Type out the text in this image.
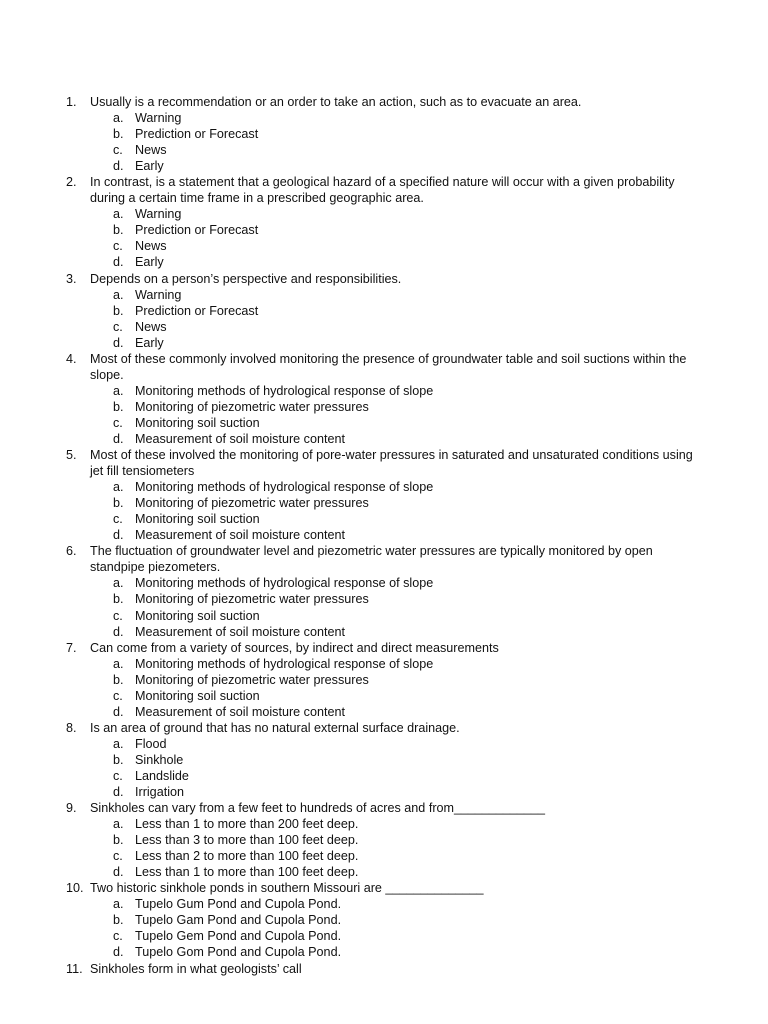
1.	Usually is a recommendation or an order to take an action, such as to evacuate an area.
a. Warning
b. Prediction or Forecast
c. News
d. Early
2.	In contrast, is a statement that a geological hazard of a specified nature will occur with a given probability during a certain time frame in a prescribed geographic area.
a. Warning
b. Prediction or Forecast
c. News
d. Early
3.	Depends on a person’s perspective and responsibilities.
a. Warning
b. Prediction or Forecast
c. News
d. Early
4.	Most of these commonly involved monitoring the presence of groundwater table and soil suctions within the slope.
a. Monitoring methods of hydrological response of slope
b. Monitoring of piezometric water pressures
c. Monitoring soil suction
d. Measurement of soil moisture content
5.	Most of these involved the monitoring of pore-water pressures in saturated and unsaturated conditions using jet fill tensiometers
a. Monitoring methods of hydrological response of slope
b. Monitoring of piezometric water pressures
c. Monitoring soil suction
d. Measurement of soil moisture content
6.	The fluctuation of groundwater level and piezometric water pressures are typically monitored by open standpipe piezometers.
a. Monitoring methods of hydrological response of slope
b. Monitoring of piezometric water pressures
c. Monitoring soil suction
d. Measurement of soil moisture content
7.	Can come from a variety of sources, by indirect and direct measurements
a. Monitoring methods of hydrological response of slope
b. Monitoring of piezometric water pressures
c. Monitoring soil suction
d. Measurement of soil moisture content
8.	Is an area of ground that has no natural external surface drainage.
a. Flood
b. Sinkhole
c. Landslide
d. Irrigation
9.	Sinkholes can vary from a few feet to hundreds of acres and from_____________
a. Less than 1 to more than 200 feet deep.
b. Less than 3 to more than 100 feet deep.
c. Less than 2 to more than 100 feet deep.
d. Less than 1 to more than 100 feet deep.
10. Two historic sinkhole ponds in southern Missouri are ______________
a. Tupelo Gum Pond and Cupola Pond.
b. Tupelo Gam Pond and Cupola Pond.
c. Tupelo Gem Pond and Cupola Pond.
d. Tupelo Gom Pond and Cupola Pond.
11. Sinkholes form in what geologists’ call
